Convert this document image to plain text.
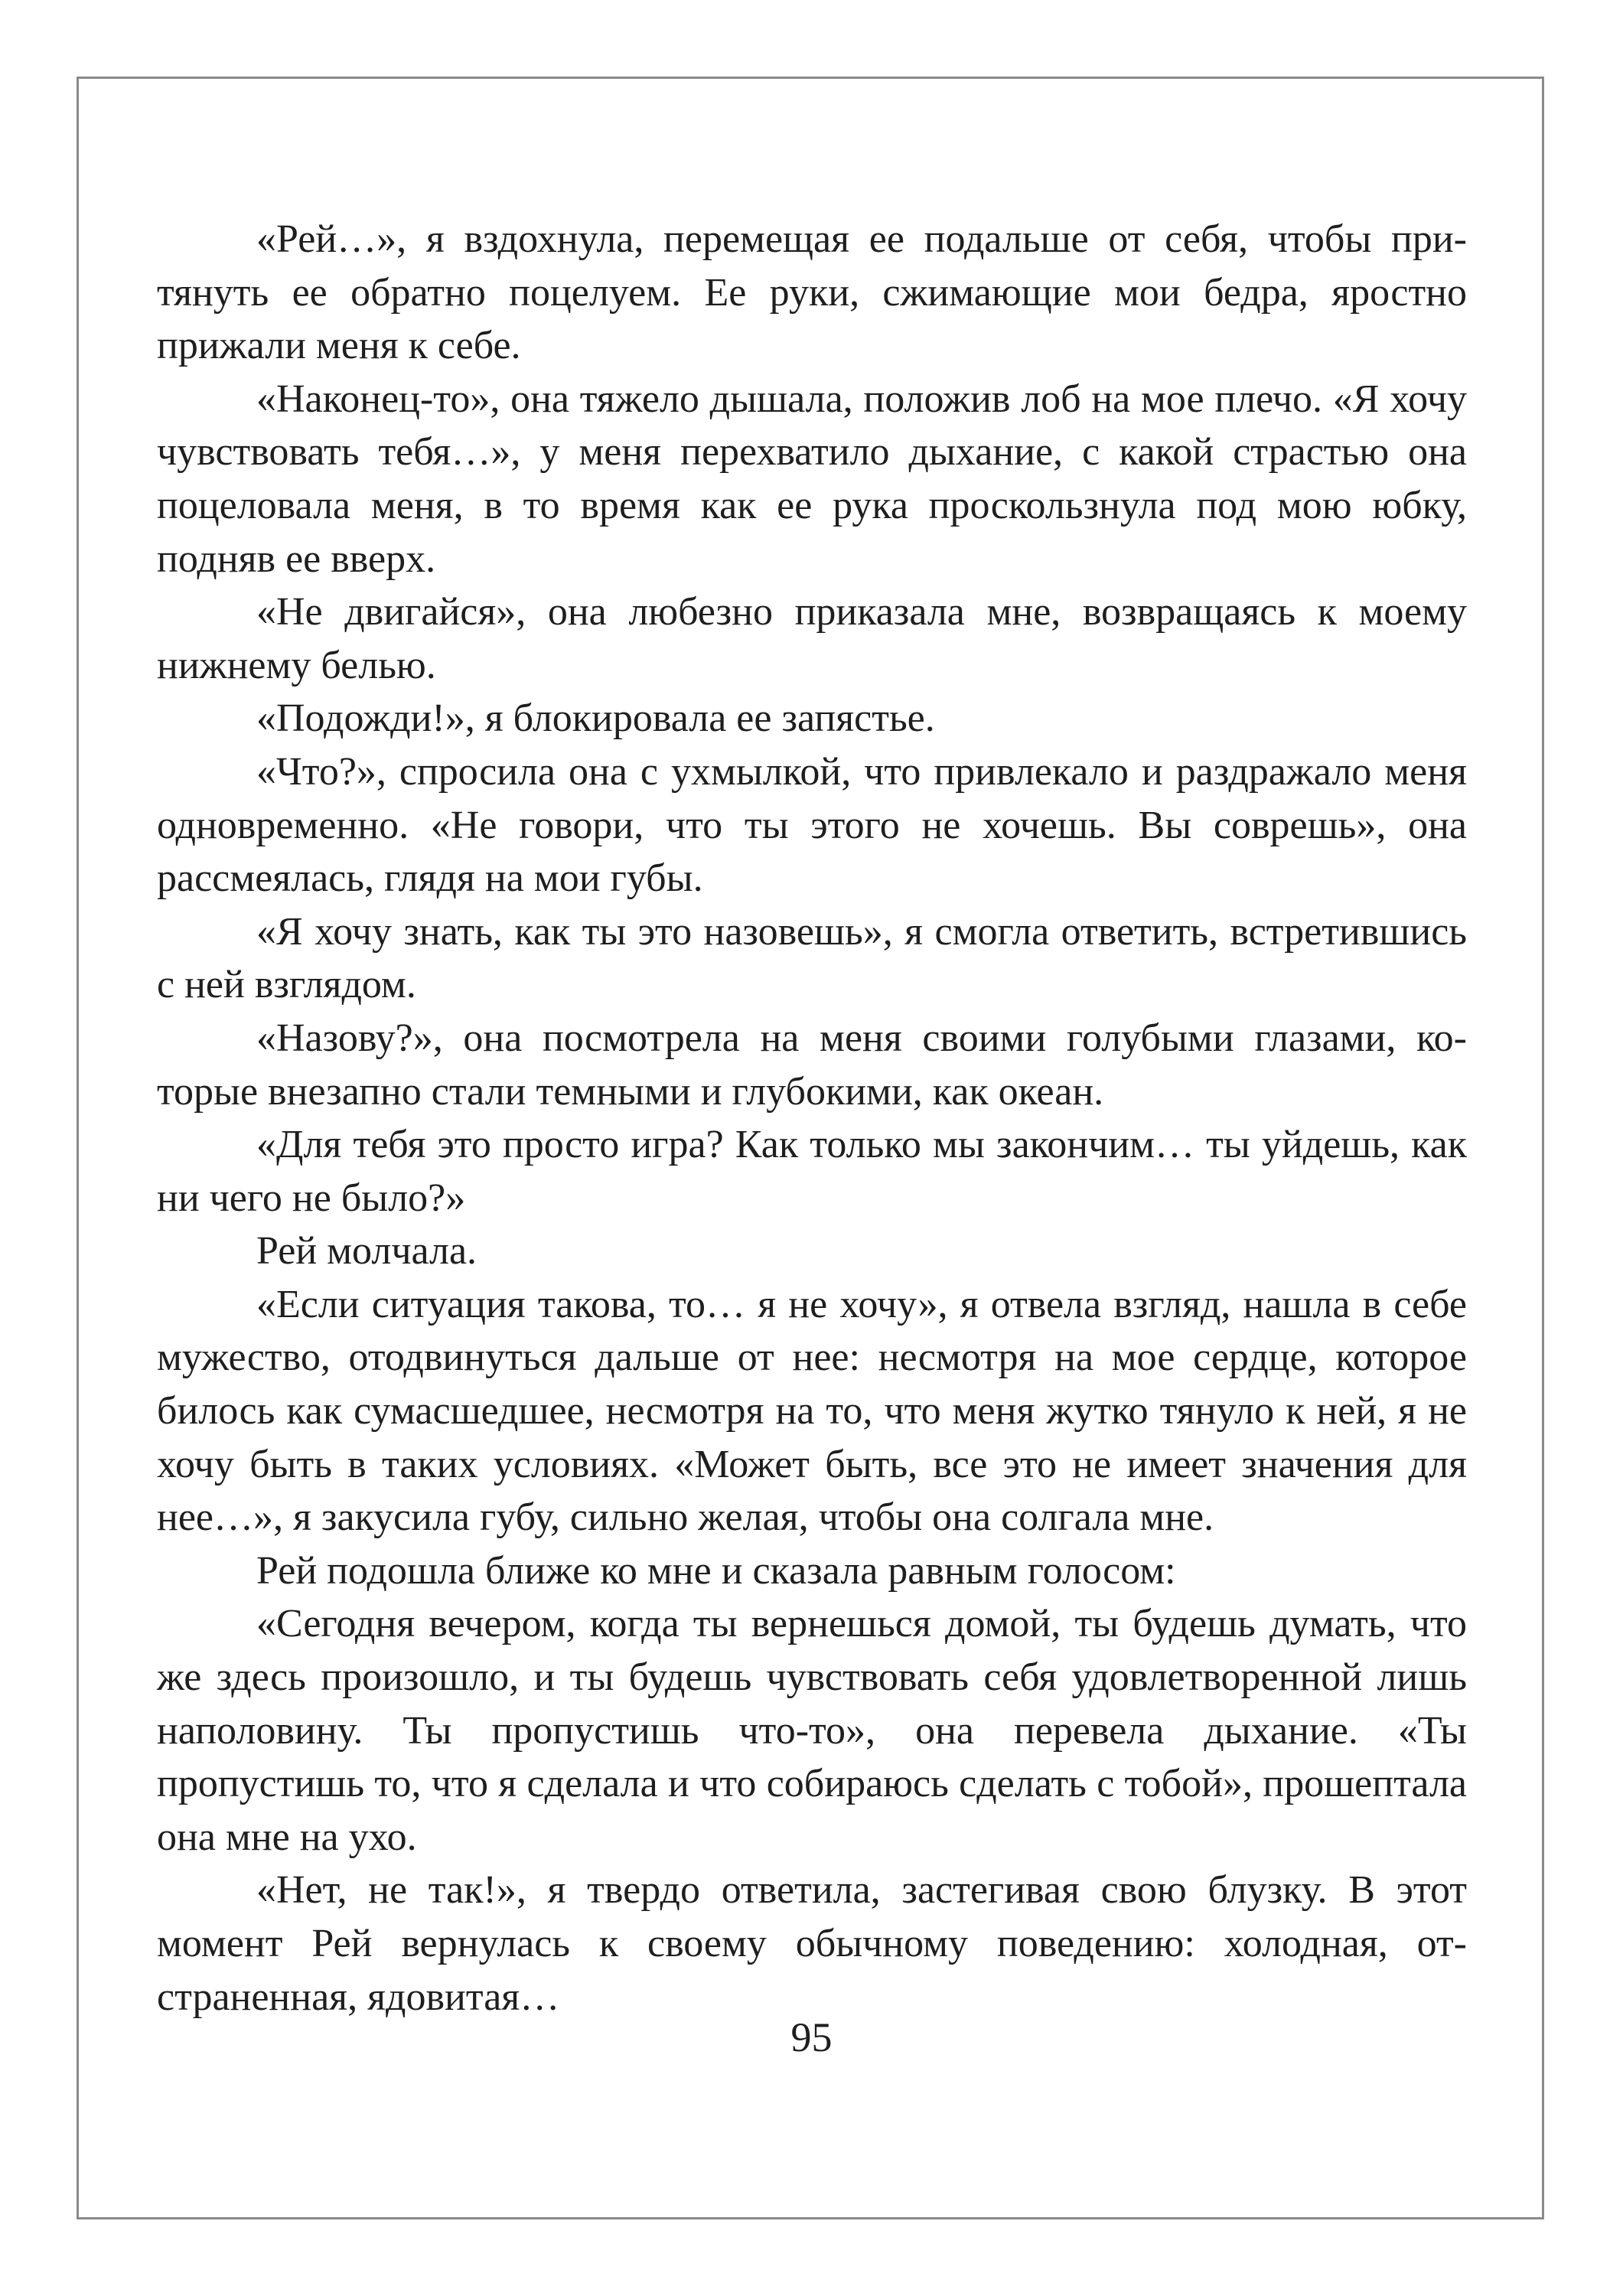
«Рей…», я вздохнула, перемещая ее подальше от себя, чтобы притянуть ее обратно поцелуем. Ее руки, сжимающие мои бедра, яростно прижали меня к себе.

«Наконец-то», она тяжело дышала, положив лоб на мое плечо. «Я хочу чувствовать тебя…», у меня перехватило дыхание, с какой страстью она поцеловала меня, в то время как ее рука проскользнула под мою юбку, подняв ее вверх.

«Не двигайся», она любезно приказала мне, возвращаясь к моему нижнему белью.

«Подожди!», я блокировала ее запястье.

«Что?», спросила она с ухмылкой, что привлекало и раздражало меня одновременно. «Не говори, что ты этого не хочешь. Вы соврешь», она рассмеялась, глядя на мои губы.

«Я хочу знать, как ты это назовешь», я смогла ответить, встретившись с ней взглядом.

«Назову?», она посмотрела на меня своими голубыми глазами, которые внезапно стали темными и глубокими, как океан.

«Для тебя это просто игра? Как только мы закончим… ты уйдешь, как ни чего не было?»

Рей молчала.

«Если ситуация такова, то… я не хочу», я отвела взгляд, нашла в себе мужество, отодвинуться дальше от нее: несмотря на мое сердце, которое билось как сумасшедшее, несмотря на то, что меня жутко тянуло к ней, я не хочу быть в таких условиях. «Может быть, все это не имеет значения для нее…», я закусила губу, сильно желая, чтобы она солгала мне.

Рей подошла ближе ко мне и сказала равным голосом:

«Сегодня вечером, когда ты вернешься домой, ты будешь думать, что же здесь произошло, и ты будешь чувствовать себя удовлетворенной лишь наполовину. Ты пропустишь что-то», она перевела дыхание. «Ты пропустишь то, что я сделала и что собираюсь сделать с тобой», прошептала она мне на ухо.

«Нет, не так!», я твердо ответила, застегивая свою блузку. В этот момент Рей вернулась к своему обычному поведению: холодная, отстраненная, ядовитая…

95
